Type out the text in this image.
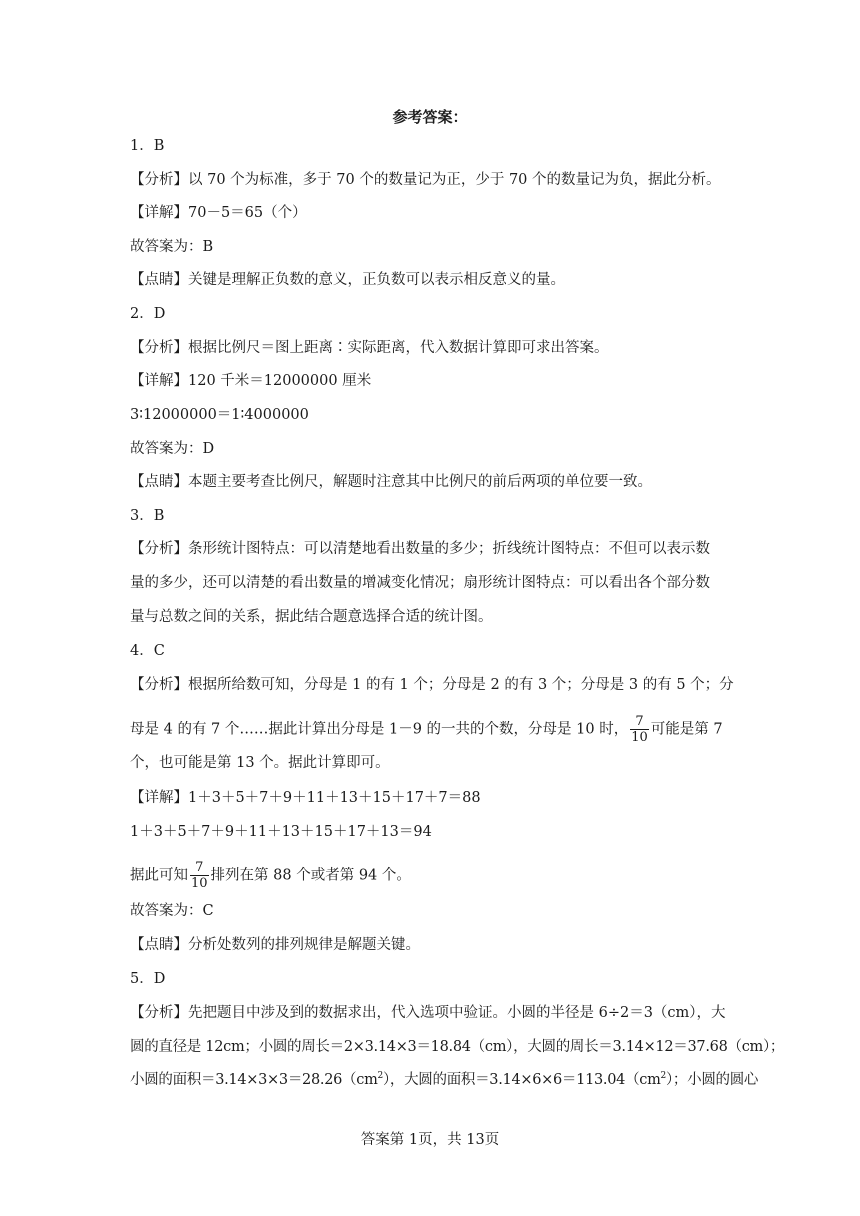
参考答案：
1．B
【分析】以 70 个为标准，多于 70 个的数量记为正，少于 70 个的数量记为负，据此分析。
【详解】70－5＝65（个）
故答案为：B
【点睛】关键是理解正负数的意义，正负数可以表示相反意义的量。
2．D
【分析】根据比例尺＝图上距离∶实际距离，代入数据计算即可求出答案。
【详解】120 千米＝12000000 厘米
3∶12000000＝1∶4000000
故答案为：D
【点睛】本题主要考查比例尺，解题时注意其中比例尺的前后两项的单位要一致。
3．B
【分析】条形统计图特点：可以清楚地看出数量的多少；折线统计图特点：不但可以表示数
量的多少，还可以清楚的看出数量的增减变化情况；扇形统计图特点：可以看出各个部分数
量与总数之间的关系，据此结合题意选择合适的统计图。
4．C
【分析】根据所给数可知，分母是 1 的有 1 个；分母是 2 的有 3 个；分母是 3 的有 5 个；分
母是 4 的有 7 个……据此计算出分母是 1－9 的一共的个数，分母是 10 时， $\frac{7}{10}$ 可能是第 7
个，也可能是第 13 个。据此计算即可。
【详解】1＋3＋5＋7＋9＋11＋13＋15＋17＋7＝88
1＋3＋5＋7＋9＋11＋13＋15＋17＋13＝94
据此可知 $\frac{7}{10}$ 排列在第 88 个或者第 94 个。
故答案为：C
【点睛】分析处数列的排列规律是解题关键。
5．D
【分析】先把题目中涉及到的数据求出，代入选项中验证。小圆的半径是 6÷2＝3（cm），大
圆的直径是 12cm；小圆的周长＝2×3.14×3＝18.84（cm），大圆的周长＝3.14×12＝37.68（cm）；
小圆的面积$=3.14\times 3\times 3=28.26(cm^2)$，大圆的面积$=3.14\times 6\times 6=113.04(cm^2)$；小圆的圆心
答案第 1页，共 13页
